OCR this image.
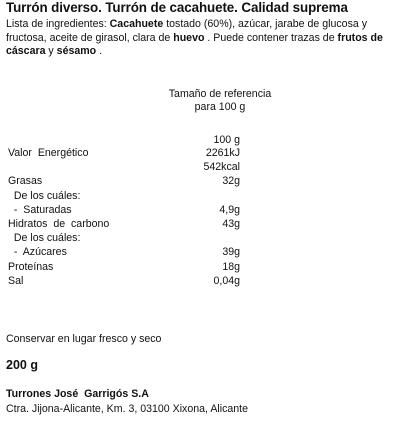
Turrón diverso. Turrón de cacahuete. Calidad suprema
Lista de ingredientes: Cacahuete tostado (60%), azúcar, jarabe de glucosa y fructosa, aceite de girasol, clara de huevo . Puede contener trazas de frutos de cáscara y sésamo .
Tamaño de referencia
para 100 g
100 g
Valor  Energético	2261kJ
542kcal
Grasas	32g
De los cuáles:
-  Saturadas	4,9g
Hidratos  de  carbono	43g
De los cuáles:
-  Azúcares	39g
Proteínas	18g
Sal	0,04g
Conservar en lugar fresco y seco
200 g
Turrones José  Garrigós S.A
Ctra. Jijona-Alicante, Km. 3, 03100 Xixona, Alicante
